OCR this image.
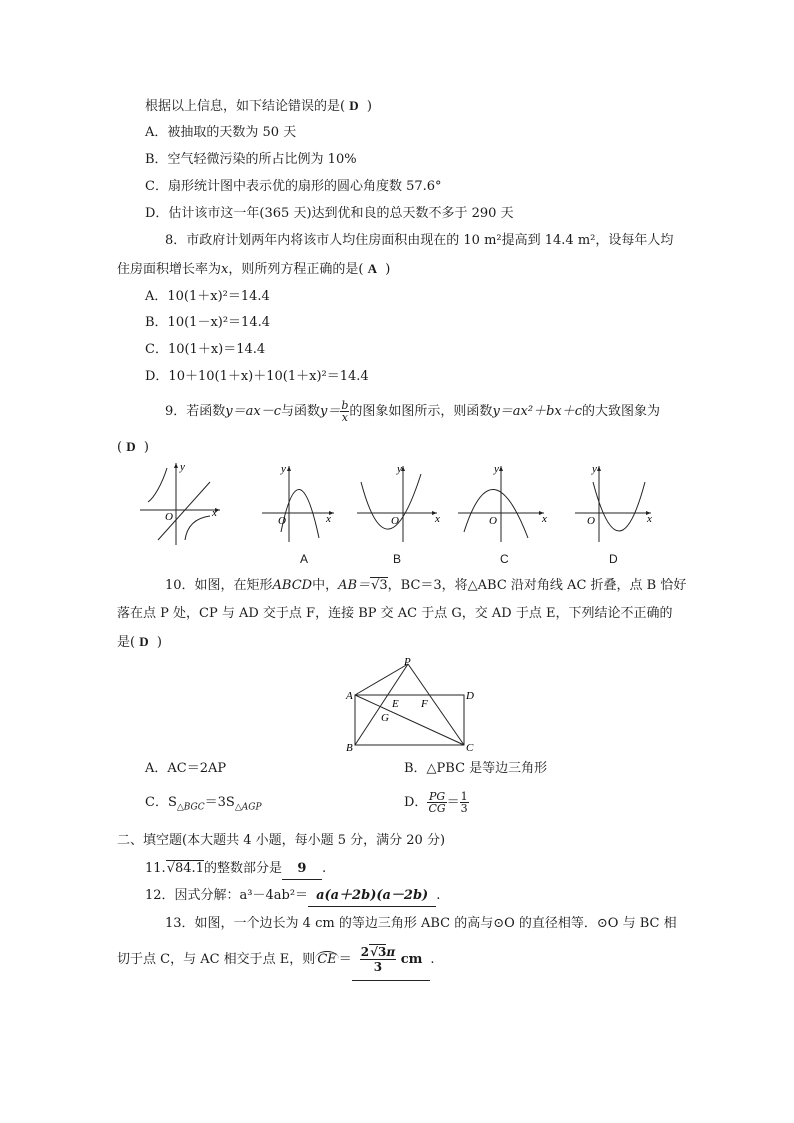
根据以上信息，如下结论错误的是( D )
A．被抽取的天数为 50 天
B．空气轻微污染的所占比例为 10%
C．扇形统计图中表示优的扇形的圆心角度数 57.6°
D．估计该市这一年(365 天)达到优和良的总天数不多于 290 天
8．市政府计划两年内将该市人均住房面积由现在的 10 m²提高到 14.4 m²，设每年人均
住房面积增长率为x，则所列方程正确的是( A )
A．10(1＋x)²＝14.4
B．10(1－x)²＝14.4
C．10(1＋x)＝14.4
D．10＋10(1＋x)＋10(1＋x)²＝14.4
9．若函数y＝ax－c与函数$y= \frac{b}{x}$ 的图象如图所示，则函数y＝ax²＋bx＋c的大致图象为
( D )
x
y
O	x
y
O
A
x
y
O
B
x
y
O
C
x
y
O
D
10．如图，在矩形ABCD中，AB＝ √ 3，BC＝3，将△ABC 沿对角线 AC 折叠，点 B 恰好
落在点 P 处，CP 与 AD 交于点 F，连接 BP 交 AC 于点 G，交 AD 于点 E，下列结论不正确的
是( D )
P
A
E F
D
G
B	C
A．AC＝2AP	B．△PBC 是等边三角形
C．$S_{\triangle BGC}=3S_{\triangle AGP}$	D． $\frac{PG}{CG} = \frac{1}{3}$
二、填空题(本大题共 4 小题，每小题 5 分，满分 20 分)
11. √ 84.1的整数部分是 9 .
12．因式分解：a³－4ab²＝ a(a＋2b)(a－2b) .
13．如图，一个边长为 4 cm 的等边三角形 ABC 的高与⊙O 的直径相等．⊙O 与 BC 相
切于点 C，与 AC 相交于点 E，则 CE ＝ $\frac{2 √ 3\pi}{3}$ cm .
